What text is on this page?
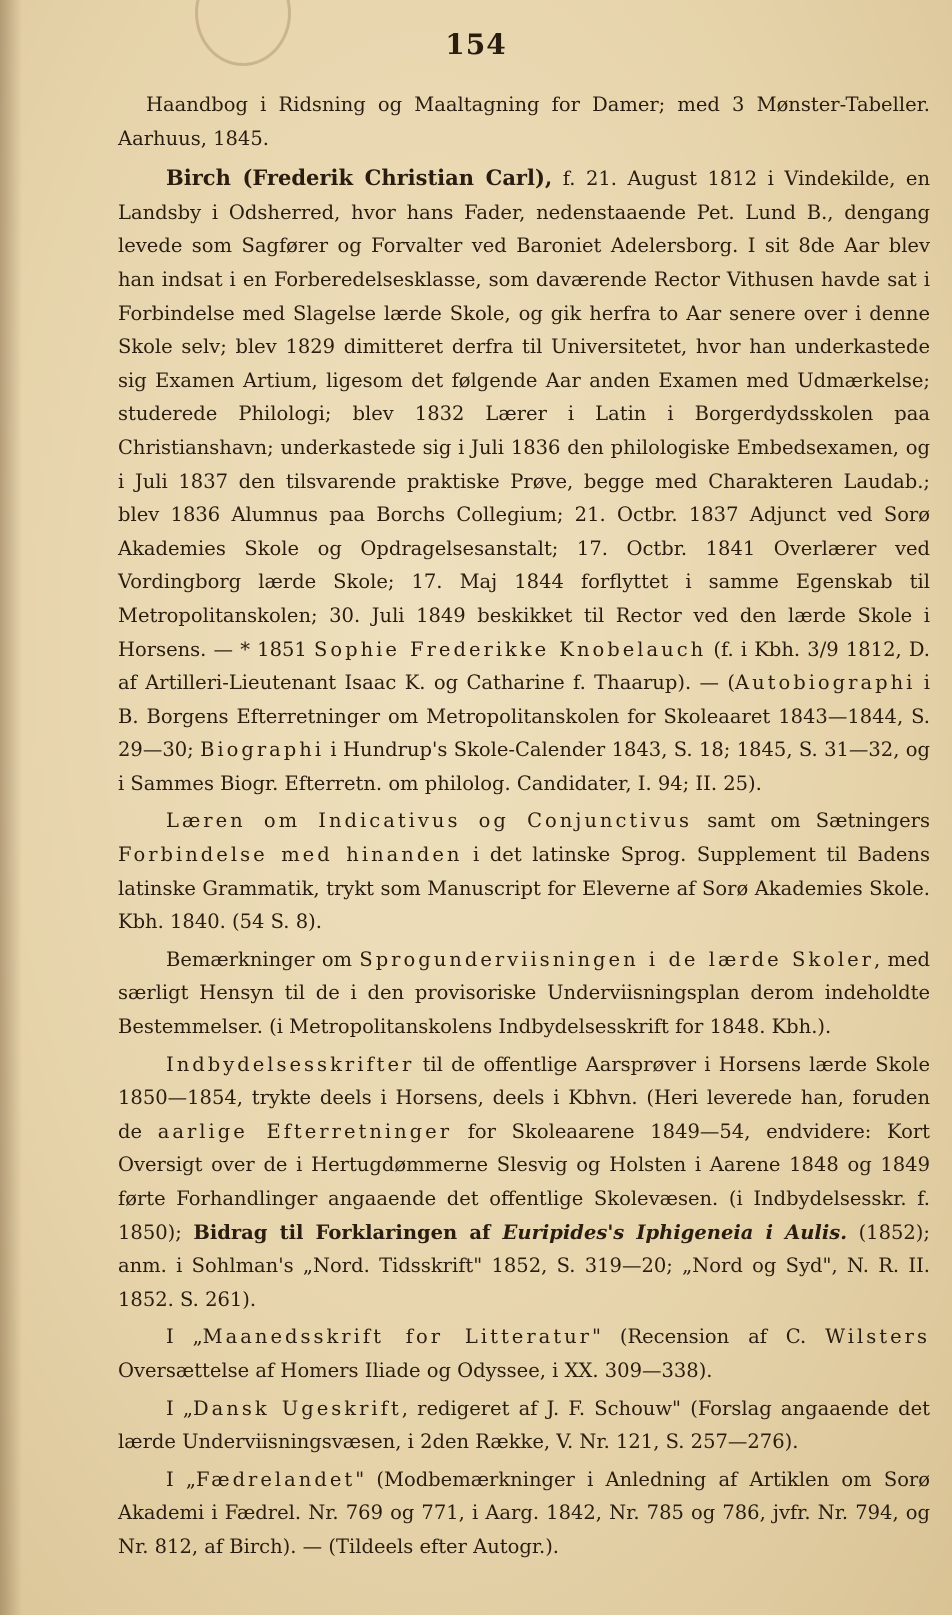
154

Haandbog i Ridsning og Maaltagning for Damer; med 3 Mønster-Tabeller. Aarhuus, 1845.

Birch (Frederik Christian Carl), f. 21. August 1812 i Vindekilde, en Landsby i Odsherred, hvor hans Fader, nedenstaaende Pet. Lund B., dengang levede som Sagfører og Forvalter ved Baroniet Adelersborg. I sit 8de Aar blev han indsat i en Forberedelsesklasse, som daværende Rector Vithusen havde sat i Forbindelse med Slagelse lærde Skole, og gik herfra to Aar senere over i denne Skole selv; blev 1829 dimitteret derfra til Universitetet, hvor han underkastede sig Examen Artium, ligesom det følgende Aar anden Examen med Udmærkelse; studerede Philologi; blev 1832 Lærer i Latin i Borgerdydsskolen paa Christianshavn; underkastede sig i Juli 1836 den philologiske Embedsexamen, og i Juli 1837 den tilsvarende praktiske Prøve, begge med Charakteren Laudab.; blev 1836 Alumnus paa Borchs Collegium; 21. Octbr. 1837 Adjunct ved Sorø Akademies Skole og Opdragelsesanstalt; 17. Octbr. 1841 Overlærer ved Vordingborg lærde Skole; 17. Maj 1844 forflyttet i samme Egenskab til Metropolitanskolen; 30. Juli 1849 beskikket til Rector ved den lærde Skole i Horsens. — * 1851 Sophie Frederikke Knobelauch (f. i Kbh. 3/9 1812, D. af Artilleri-Lieutenant Isaac K. og Catharine f. Thaarup). — (Autobiographi i B. Borgens Efterretninger om Metropolitanskolen for Skoleaaret 1843—1844, S. 29—30; Biographi i Hundrup's Skole-Calender 1843, S. 18; 1845, S. 31—32, og i Sammes Biogr. Efterretn. om philolog. Candidater, I. 94; II. 25).

Læren om Indicativus og Conjunctivus samt om Sætningers Forbindelse med hinanden i det latinske Sprog. Supplement til Badens latinske Grammatik, trykt som Manuscript for Eleverne af Sorø Akademies Skole. Kbh. 1840. (54 S. 8).

Bemærkninger om Sprogunderviisningen i de lærde Skoler, med særligt Hensyn til de i den provisoriske Underviisningsplan derom indeholdte Bestemmelser. (i Metropolitanskolens Indbydelsesskrift for 1848. Kbh.).

Indbydelsesskrifter til de offentlige Aarsprøver i Horsens lærde Skole 1850—1854, trykte deels i Horsens, deels i Kbhvn. (Heri leverede han, foruden de aarlige Efterretninger for Skoleaarene 1849—54, endvidere: Kort Oversigt over de i Hertugdømmerne Slesvig og Holsten i Aarene 1848 og 1849 førte Forhandlinger angaaende det offentlige Skolevæsen. (i Indbydelsesskr. f. 1850); Bidrag til Forklaringen af Euripides's Iphigeneia i Aulis. (1852); anm. i Sohlman's „Nord. Tidsskrift" 1852, S. 319—20; „Nord og Syd", N. R. II. 1852. S. 261).

I „Maanedsskrift for Litteratur" (Recension af C. Wilsters Oversættelse af Homers Iliade og Odyssee, i XX. 309—338).

I „Dansk Ugeskrift, redigeret af J. F. Schouw" (Forslag angaaende det lærde Underviisningsvæsen, i 2den Række, V. Nr. 121, S. 257—276).

I „Fædrelandet" (Modbemærkninger i Anledning af Artiklen om Sorø Akademi i Fædrel. Nr. 769 og 771, i Aarg. 1842, Nr. 785 og 786, jvfr. Nr. 794, og Nr. 812, af Birch). — (Tildeels efter Autogr.).
